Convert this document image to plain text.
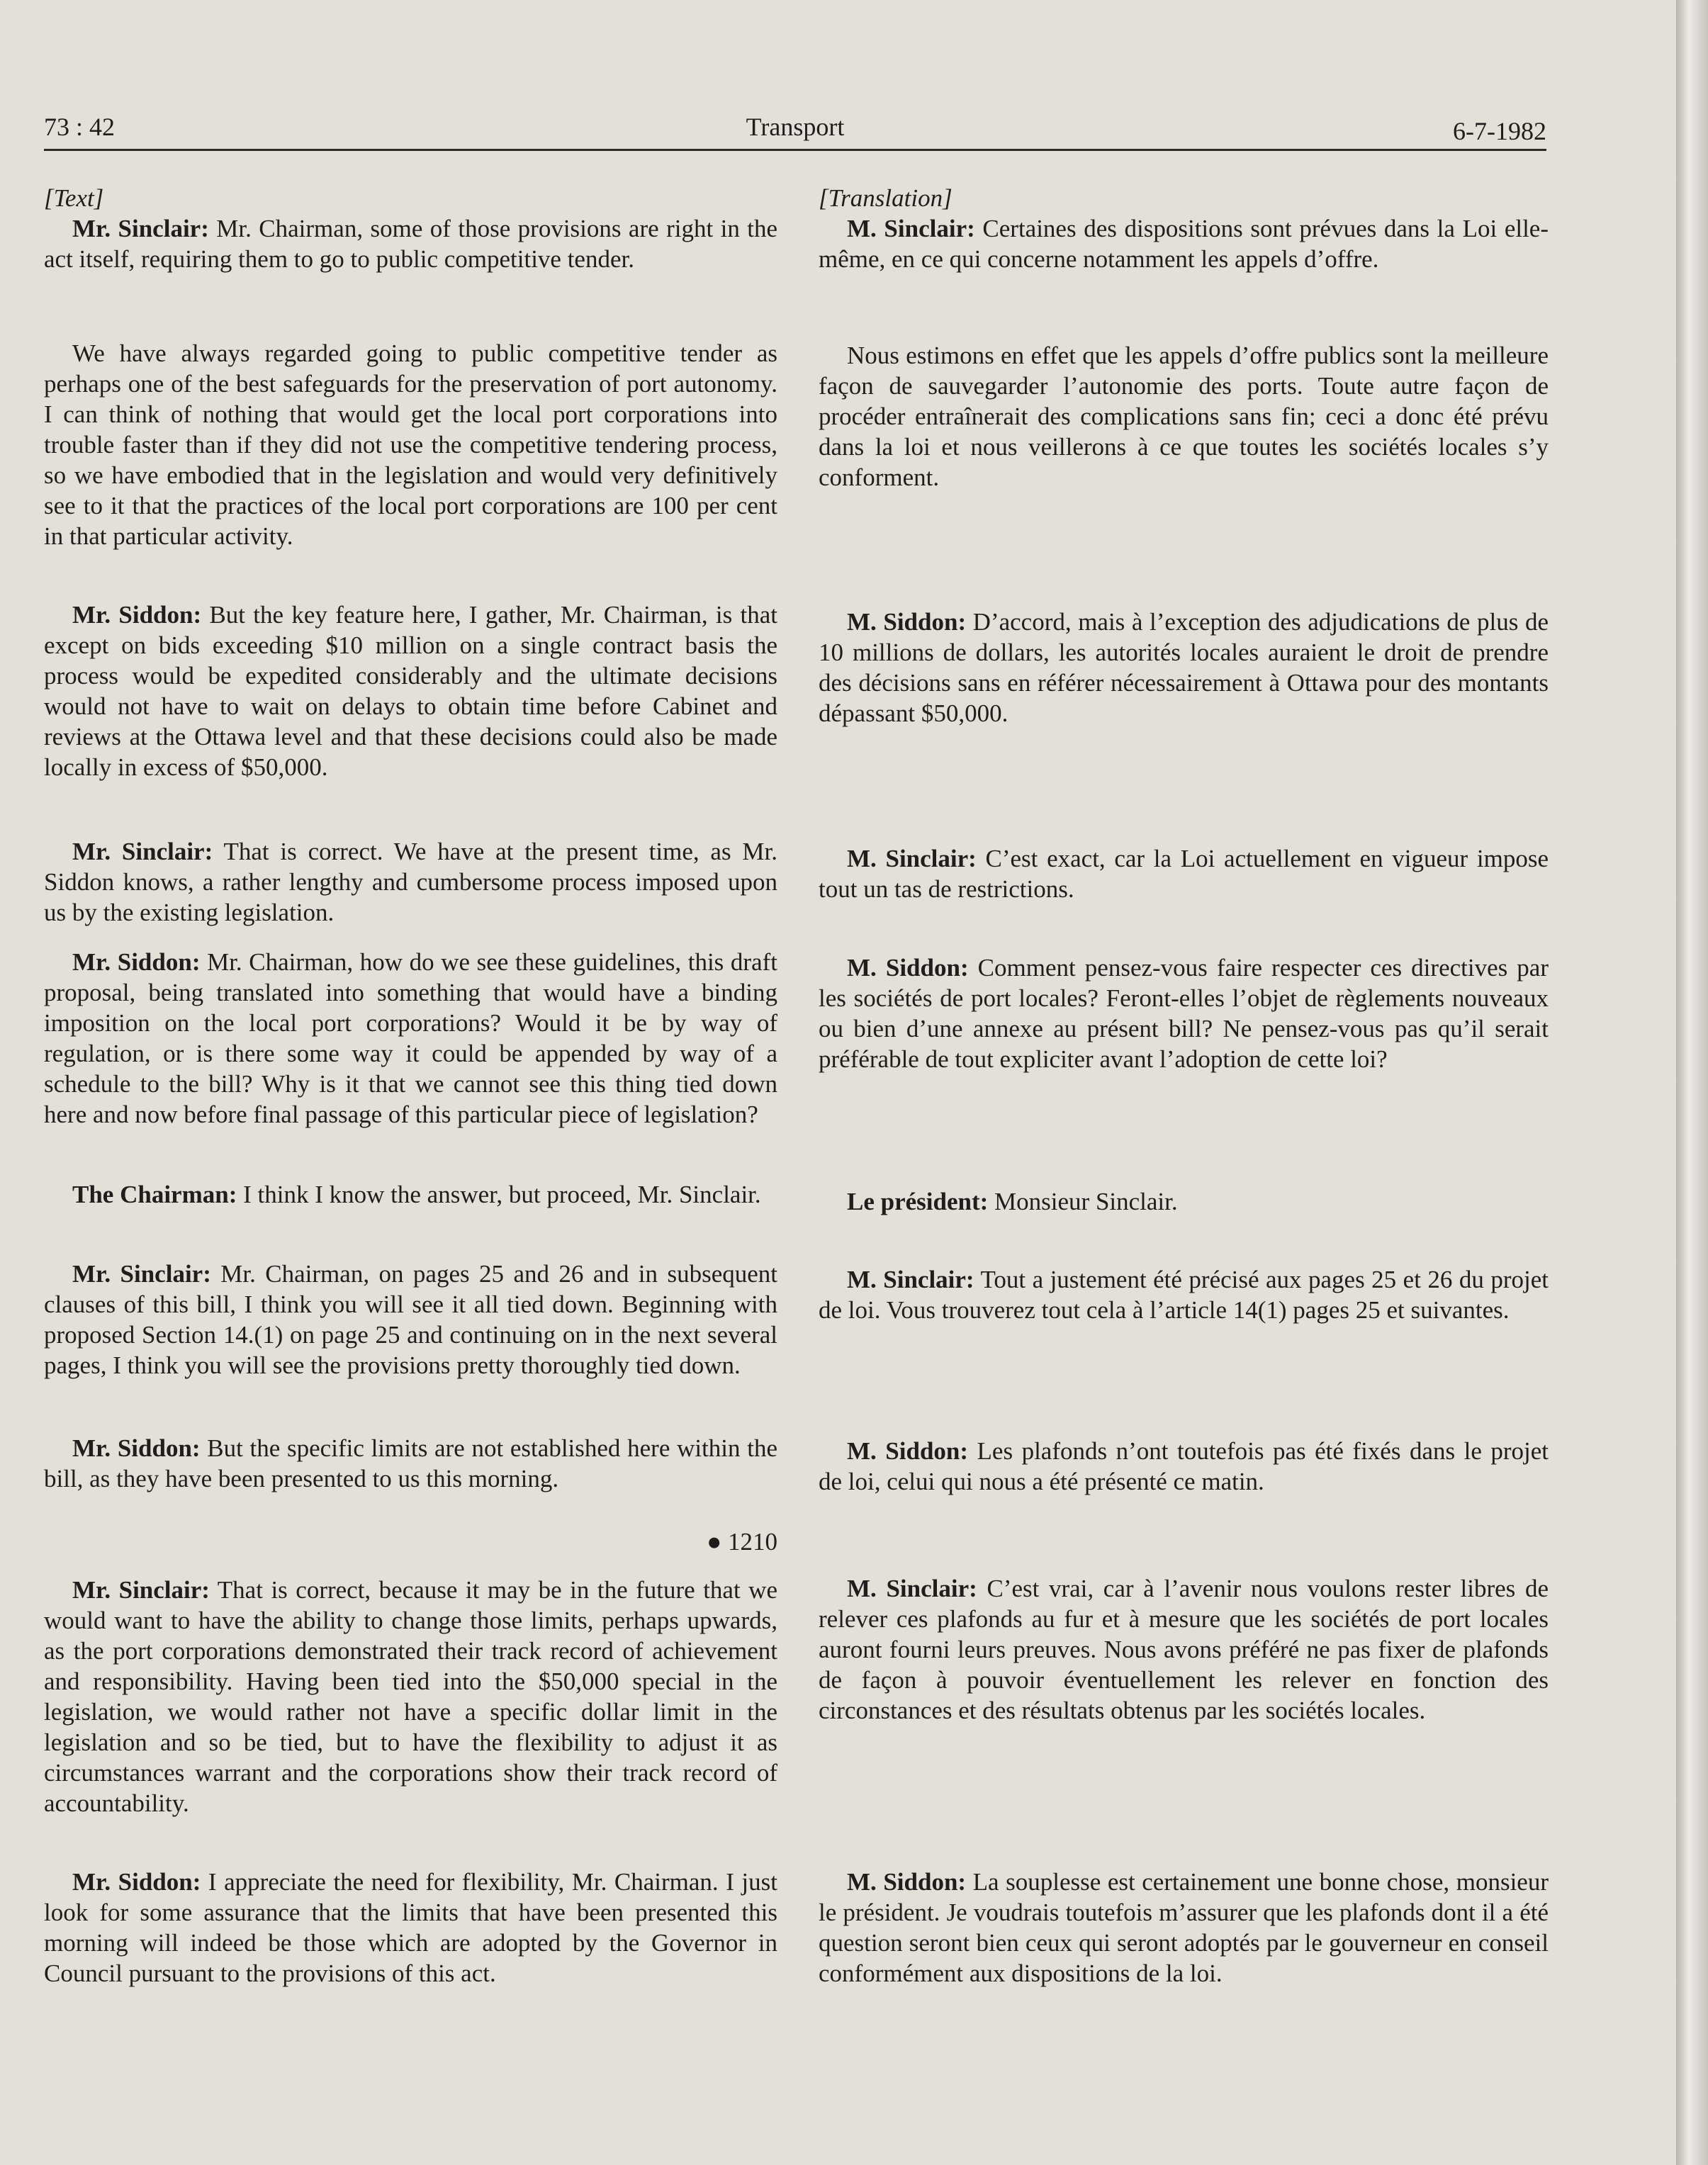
73 : 42	Transport	6-7-1982

[Text]

Mr. Sinclair: Mr. Chairman, some of those provisions are right in the act itself, requiring them to go to public competitive tender.

We have always regarded going to public competitive tender as perhaps one of the best safeguards for the preservation of port autonomy. I can think of nothing that would get the local port corporations into trouble faster than if they did not use the competitive tendering process, so we have embodied that in the legislation and would very definitively see to it that the practices of the local port corporations are 100 per cent in that particular activity.

Mr. Siddon: But the key feature here, I gather, Mr. Chairman, is that except on bids exceeding $10 million on a single contract basis the process would be expedited considerably and the ultimate decisions would not have to wait on delays to obtain time before Cabinet and reviews at the Ottawa level and that these decisions could also be made locally in excess of $50,000.

Mr. Sinclair: That is correct. We have at the present time, as Mr. Siddon knows, a rather lengthy and cumbersome process imposed upon us by the existing legislation.

Mr. Siddon: Mr. Chairman, how do we see these guidelines, this draft proposal, being translated into something that would have a binding imposition on the local port corporations? Would it be by way of regulation, or is there some way it could be appended by way of a schedule to the bill? Why is it that we cannot see this thing tied down here and now before final passage of this particular piece of legislation?

The Chairman: I think I know the answer, but proceed, Mr. Sinclair.

Mr. Sinclair: Mr. Chairman, on pages 25 and 26 and in subsequent clauses of this bill, I think you will see it all tied down. Beginning with proposed Section 14.(1) on page 25 and continuing on in the next several pages, I think you will see the provisions pretty thoroughly tied down.

Mr. Siddon: But the specific limits are not established here within the bill, as they have been presented to us this morning.

● 1210

Mr. Sinclair: That is correct, because it may be in the future that we would want to have the ability to change those limits, perhaps upwards, as the port corporations demonstrated their track record of achievement and responsibility. Having been tied into the $50,000 special in the legislation, we would rather not have a specific dollar limit in the legislation and so be tied, but to have the flexibility to adjust it as circumstances warrant and the corporations show their track record of accountability.

Mr. Siddon: I appreciate the need for flexibility, Mr. Chairman. I just look for some assurance that the limits that have been presented this morning will indeed be those which are adopted by the Governor in Council pursuant to the provisions of this act.

[Translation]

M. Sinclair: Certaines des dispositions sont prévues dans la Loi elle-même, en ce qui concerne notamment les appels d’offre.

Nous estimons en effet que les appels d’offre publics sont la meilleure façon de sauvegarder l’autonomie des ports. Toute autre façon de procéder entraînerait des complications sans fin; ceci a donc été prévu dans la loi et nous veillerons à ce que toutes les sociétés locales s’y conforment.

M. Siddon: D’accord, mais à l’exception des adjudications de plus de 10 millions de dollars, les autorités locales auraient le droit de prendre des décisions sans en référer nécessairement à Ottawa pour des montants dépassant $50,000.

M. Sinclair: C’est exact, car la Loi actuellement en vigueur impose tout un tas de restrictions.

M. Siddon: Comment pensez-vous faire respecter ces directives par les sociétés de port locales? Feront-elles l’objet de règlements nouveaux ou bien d’une annexe au présent bill? Ne pensez-vous pas qu’il serait préférable de tout expliciter avant l’adoption de cette loi?

Le président: Monsieur Sinclair.

M. Sinclair: Tout a justement été précisé aux pages 25 et 26 du projet de loi. Vous trouverez tout cela à l’article 14(1) pages 25 et suivantes.

M. Siddon: Les plafonds n’ont toutefois pas été fixés dans le projet de loi, celui qui nous a été présenté ce matin.

M. Sinclair: C’est vrai, car à l’avenir nous voulons rester libres de relever ces plafonds au fur et à mesure que les sociétés de port locales auront fourni leurs preuves. Nous avons préféré ne pas fixer de plafonds de façon à pouvoir éventuellement les relever en fonction des circonstances et des résultats obtenus par les sociétés locales.

M. Siddon: La souplesse est certainement une bonne chose, monsieur le président. Je voudrais toutefois m’assurer que les plafonds dont il a été question seront bien ceux qui seront adoptés par le gouverneur en conseil conformément aux dispositions de la loi.
